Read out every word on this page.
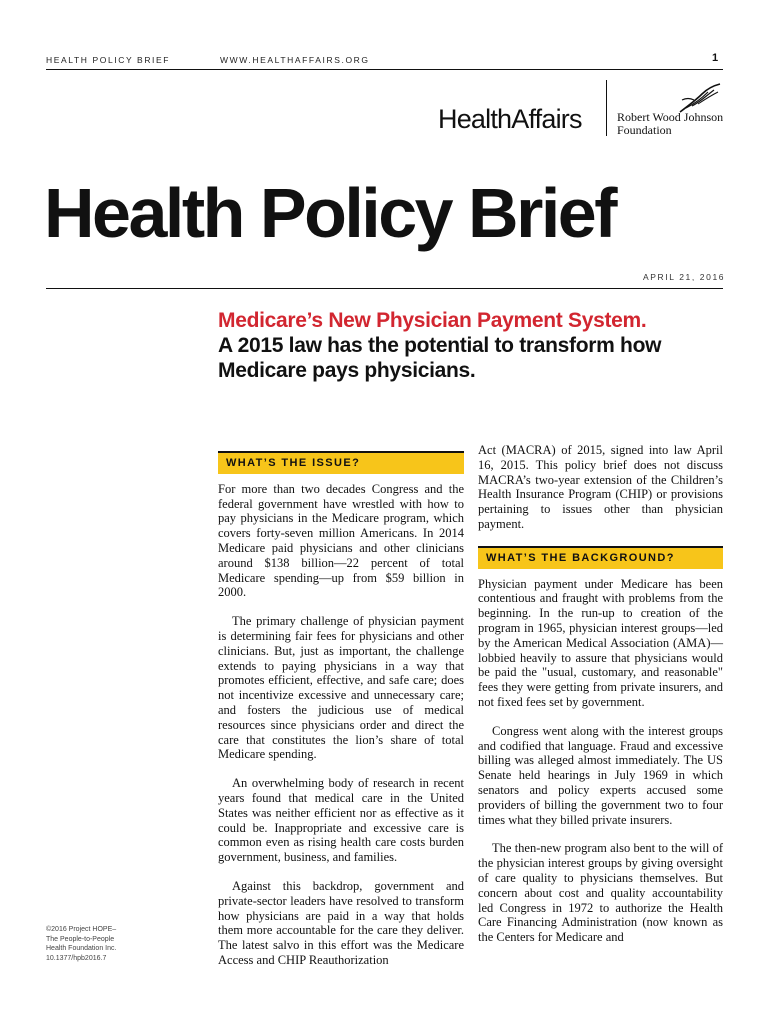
HEALTH POLICY BRIEF	WWW.HEALTHAFFAIRS.ORG	1
HealthAffairs	Robert Wood Johnson
Foundation
Health Policy Brief
APRIL 21, 2016
Medicare’s New Physician Payment System.
A 2015 law has the potential to transform how Medicare pays physicians.
WHAT’S THE ISSUE?

For more than two decades Congress and the federal government have wrestled with how to pay physicians in the Medicare program, which covers forty-seven million Americans. In 2014 Medicare paid physicians and other clinicians around $138 billion—22 percent of total Medicare spending—up from $59 billion in 2000.

The primary challenge of physician payment is determining fair fees for physicians and other clinicians. But, just as important, the challenge extends to paying physicians in a way that promotes efficient, effective, and safe care; does not incentivize excessive and unnecessary care; and fosters the judicious use of medical resources since physicians order and direct the care that constitutes the lion’s share of total Medicare spending.

An overwhelming body of research in recent years found that medical care in the United States was neither efficient nor as effective as it could be. Inappropriate and excessive care is common even as rising health care costs burden government, business, and families.

Against this backdrop, government and private-sector leaders have resolved to transform how physicians are paid in a way that holds them more accountable for the care they deliver. The latest salvo in this effort was the Medicare Access and CHIP Reauthorization

Act (MACRA) of 2015, signed into law April 16, 2015. This policy brief does not discuss MACRA’s two-year extension of the Children’s Health Insurance Program (CHIP) or provisions pertaining to issues other than physician payment.

WHAT’S THE BACKGROUND?

Physician payment under Medicare has been contentious and fraught with problems from the beginning. In the run-up to creation of the program in 1965, physician interest groups—led by the American Medical Association (AMA)—lobbied heavily to assure that physicians would be paid the "usual, customary, and reasonable" fees they were getting from private insurers, and not fixed fees set by government.

Congress went along with the interest groups and codified that language. Fraud and excessive billing was alleged almost immediately. The US Senate held hearings in July 1969 in which senators and policy experts accused some providers of billing the government two to four times what they billed private insurers.

The then-new program also bent to the will of the physician interest groups by giving oversight of care quality to physicians themselves. But concern about cost and quality accountability led Congress in 1972 to authorize the Health Care Financing Administration (now known as the Centers for Medicare and

©2016 Project HOPE–
The People-to-People
Health Foundation Inc.
10.1377/hpb2016.7
